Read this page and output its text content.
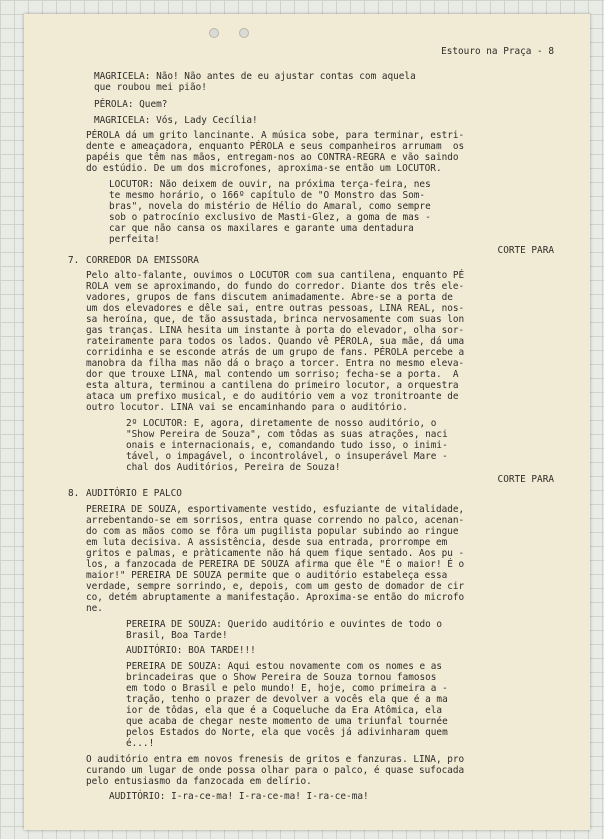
Estouro na Praça - 8
MAGRICELA: Não! Não antes de eu ajustar contas com aquela
que roubou mei pião!
PÉROLA: Quem?
MAGRICELA: Vós, Lady Cecília!
PÉROLA dá um grito lancinante. A música sobe, para terminar, estri-
dente e ameaçadora, enquanto PÉROLA e seus companheiros arrumam  os
papéis que têm nas mãos, entregam-nos ao CONTRA-REGRA e vão saindo
do estúdio. De um dos microfones, aproxima-se então um LOCUTOR.
LOCUTOR: Não deixem de ouvir, na próxima terça-feira, nes
te mesmo horário, o 166º capítulo de "O Monstro das Som-
bras", novela do mistério de Hélio do Amaral, como sempre
sob o patrocínio exclusivo de Masti-Glez, a goma de mas -
car que não cansa os maxilares e garante uma dentadura
perfeita!
Pelo alto-falante, ouvimos o LOCUTOR com sua cantilena, enquanto PÉ
ROLA vem se aproximando, do fundo do corredor. Diante dos três ele-
vadores, grupos de fans discutem animadamente. Abre-se a porta de
um dos elevadores e dêle sai, entre outras pessoas, LINA REAL, nos-
sa heroína, que, de tão assustada, brinca nervosamente com suas lon
gas tranças. LINA hesita um instante à porta do elevador, olha sor-
rateiramente para todos os lados. Quando vê PÉROLA, sua mãe, dá uma
corridinha e se esconde atrás de um grupo de fans. PÉROLA percebe a
manobra da filha mas não dá o braço a torcer. Entra no mesmo eleva-
dor que trouxe LINA, mal contendo um sorriso; fecha-se a porta.  A
esta altura, terminou a cantilena do primeiro locutor, a orquestra
ataca um prefixo musical, e do auditório vem a voz tronitroante de
outro locutor. LINA vai se encaminhando para o auditório.
2º LOCUTOR: E, agora, diretamente de nosso auditório, o
"Show Pereira de Souza", com tôdas as suas atrações, naci
onais e internacionais, e, comandando tudo isso, o inimi-
tável, o impagável, o incontrolável, o insuperável Mare -
chal dos Auditórios, Pereira de Souza!
PEREIRA DE SOUZA, esportivamente vestido, esfuziante de vitalidade,
arrebentando-se em sorrisos, entra quase correndo no palco, acenan-
do com as mãos como se fôra um pugilista popular subindo ao ringue
em luta decisiva. A assistência, desde sua entrada, prorrompe em
gritos e palmas, e pràticamente não há quem fique sentado. Aos pu -
los, a fanzocada de PEREIRA DE SOUZA afirma que êle "É o maior! É o
maior!" PEREIRA DE SOUZA permite que o auditório estabeleça essa
verdade, sempre sorrindo, e, depois, com um gesto de domador de cir
co, detém abruptamente a manifestação. Aproxima-se então do microfo
ne.
PEREIRA DE SOUZA: Querido auditório e ouvintes de todo o
Brasil, Boa Tarde!
AUDITÓRIO: BOA TARDE!!!
PEREIRA DE SOUZA: Aqui estou novamente com os nomes e as
brincadeiras que o Show Pereira de Souza tornou famosos
em todo o Brasil e pelo mundo! E, hoje, como primeira a -
tração, tenho o prazer de devolver a vocês ela que é a ma
ior de tôdas, ela que é a Coqueluche da Era Atômica, ela
que acaba de chegar neste momento de uma triunfal tournée
pelos Estados do Norte, ela que vocês já adivinharam quem
é...!
O auditório entra em novos frenesis de gritos e fanzuras. LINA, pro
curando um lugar de onde possa olhar para o palco, é quase sufocada
pelo entusiasmo da fanzocada em delírio.
AUDITÓRIO: I-ra-ce-ma! I-ra-ce-ma! I-ra-ce-ma!
7. CORREDOR DA EMISSORA
8. AUDITÓRIO E PALCO
CORTE PARA
CORTE PARA
